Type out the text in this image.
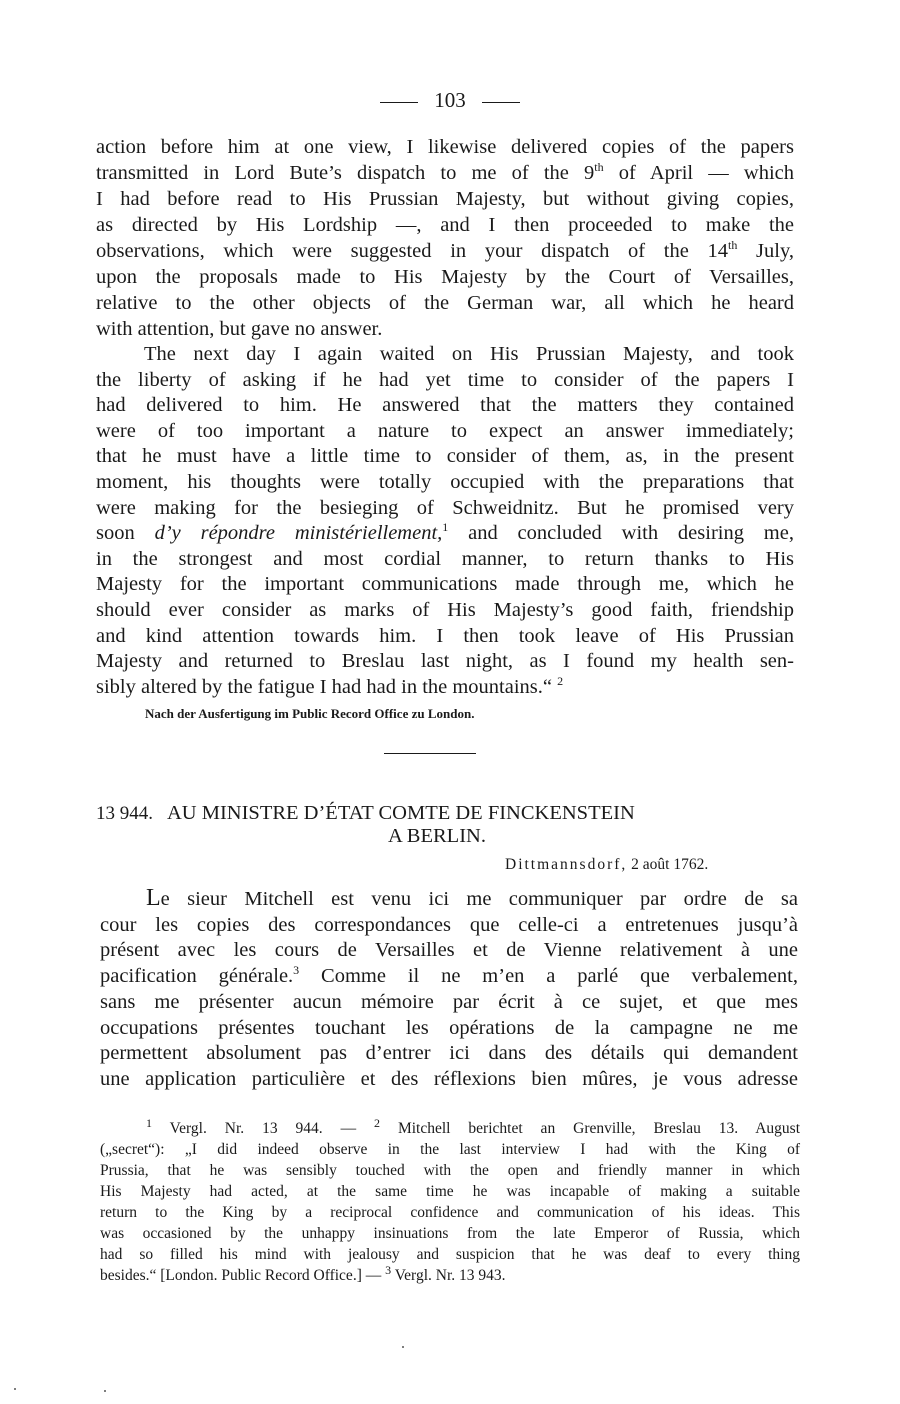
103
action before him at one view, I likewise delivered copies of the papers
transmitted in Lord Bute’s dispatch to me of the 9th of April — which
I had before read to His Prussian Majesty, but without giving copies,
as directed by His Lordship —, and I then proceeded to make the
observations, which were suggested in your dispatch of the 14th July,
upon the proposals made to His Majesty by the Court of Versailles,
relative to the other objects of the German war, all which he heard
with attention, but gave no answer.
The next day I again waited on His Prussian Majesty, and took
the liberty of asking if he had yet time to consider of the papers I
had delivered to him. He answered that the matters they contained
were of too important a nature to expect an answer immediately;
that he must have a little time to consider of them, as, in the present
moment, his thoughts were totally occupied with the preparations that
were making for the besieging of Schweidnitz. But he promised very
soon d’y répondre ministériellement,$^1$ and concluded with desiring me,
in the strongest and most cordial manner, to return thanks to His
Majesty for the important communications made through me, which he
should ever consider as marks of His Majesty’s good faith, friendship
and kind attention towards him. I then took leave of His Prussian
Majesty and returned to Breslau last night, as I found my health sen-
sibly altered by the fatigue I had had in the mountains.“ $^2$
Nach der Ausfertigung im Public Record Office zu London.
13 944. AU MINISTRE D’ÉTAT COMTE DE FINCKENSTEIN
A BERLIN.
Dittmannsdorf, 2 août 1762.
Le sieur Mitchell est venu ici me communiquer par ordre de sa
cour les copies des correspondances que celle-ci a entretenues jusqu’à
présent avec les cours de Versailles et de Vienne relativement à une
pacification générale.$^3$ Comme il ne m’en a parlé que verbalement,
sans me présenter aucun mémoire par écrit à ce sujet, et que mes
occupations présentes touchant les opérations de la campagne ne me
permettent absolument pas d’entrer ici dans des détails qui demandent
une application particulière et des réflexions bien mûres, je vous adresse
$^1$ Vergl. Nr. 13 944. — $^2$ Mitchell berichtet an Grenville, Breslau 13. August
(„secret“): „I did indeed observe in the last interview I had with the King of
Prussia, that he was sensibly touched with the open and friendly manner in which
His Majesty had acted, at the same time he was incapable of making a suitable
return to the King by a reciprocal confidence and communication of his ideas. This
was occasioned by the unhappy insinuations from the late Emperor of Russia, which
had so filled his mind with jealousy and suspicion that he was deaf to every thing
besides.“ [London. Public Record Office.] — $^3$ Vergl. Nr. 13 943.
